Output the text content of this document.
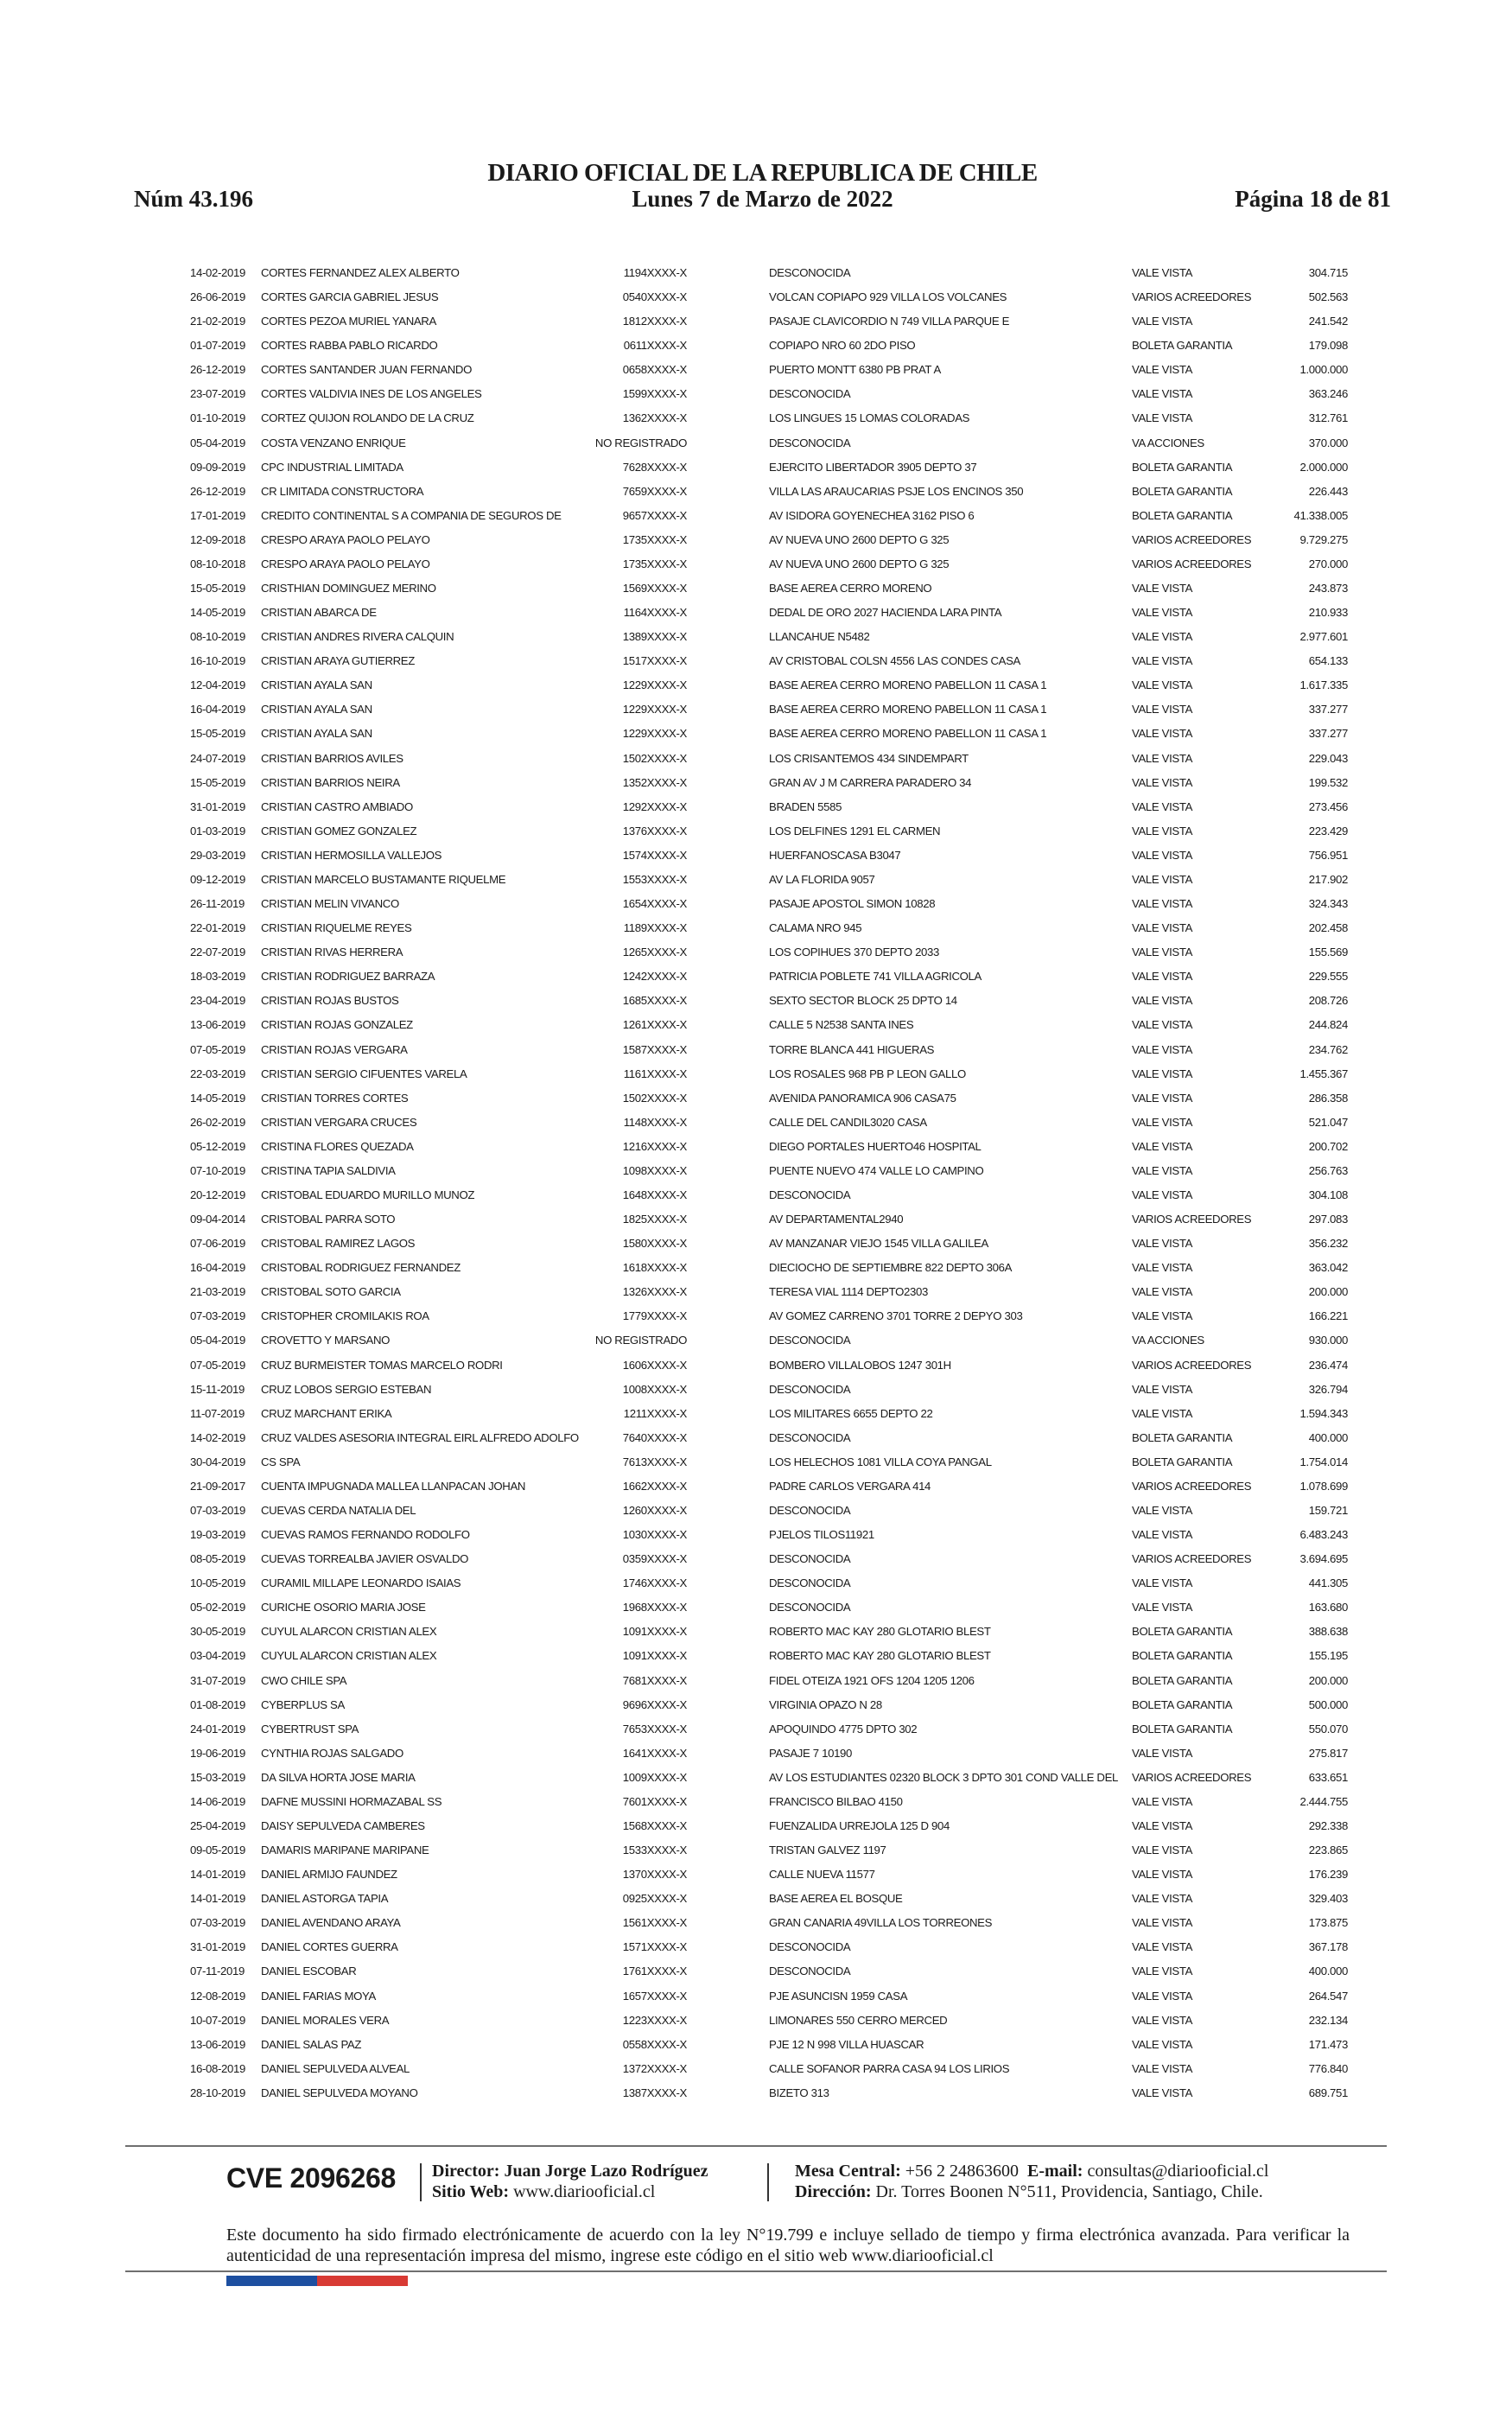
DIARIO OFICIAL DE LA REPUBLICA DE CHILE
Lunes 7 de Marzo de 2022
Núm 43.196	Página 18 de 81
14-02-2019 CORTES FERNANDEZ ALEX ALBERTO	1194XXXX-X	DESCONOCIDA	VALE VISTA	304.715
26-06-2019 CORTES GARCIA GABRIEL JESUS	0540XXXX-X	VOLCAN COPIAPO 929 VILLA LOS VOLCANES	VARIOS ACREEDORES	502.563
21-02-2019 CORTES PEZOA MURIEL YANARA	1812XXXX-X	PASAJE CLAVICORDIO N 749 VILLA PARQUE E	VALE VISTA	241.542
01-07-2019 CORTES RABBA PABLO RICARDO	0611XXXX-X	COPIAPO NRO 60 2DO PISO	BOLETA GARANTIA	179.098
26-12-2019 CORTES SANTANDER JUAN FERNANDO	0658XXXX-X	PUERTO MONTT 6380 PB PRAT A	VALE VISTA	1.000.000
23-07-2019 CORTES VALDIVIA INES DE LOS ANGELES	1599XXXX-X	DESCONOCIDA	VALE VISTA	363.246
01-10-2019 CORTEZ QUIJON ROLANDO DE LA CRUZ	1362XXXX-X	LOS LINGUES 15 LOMAS COLORADAS	VALE VISTA	312.761
05-04-2019 COSTA VENZANO ENRIQUE	NO REGISTRADO	DESCONOCIDA	VA ACCIONES	370.000
09-09-2019 CPC INDUSTRIAL LIMITADA	7628XXXX-X	EJERCITO LIBERTADOR 3905 DEPTO 37	BOLETA GARANTIA	2.000.000
26-12-2019 CR LIMITADA CONSTRUCTORA	7659XXXX-X	VILLA LAS ARAUCARIAS PSJE LOS ENCINOS 350	BOLETA GARANTIA	226.443
17-01-2019 CREDITO CONTINENTAL S A COMPANIA DE SEGUROS DE	9657XXXX-X	AV ISIDORA GOYENECHEA 3162 PISO 6	BOLETA GARANTIA	41.338.005
12-09-2018 CRESPO ARAYA PAOLO PELAYO	1735XXXX-X	AV NUEVA UNO 2600 DEPTO G 325	VARIOS ACREEDORES	9.729.275
08-10-2018 CRESPO ARAYA PAOLO PELAYO	1735XXXX-X	AV NUEVA UNO 2600 DEPTO G 325	VARIOS ACREEDORES	270.000
15-05-2019 CRISTHIAN DOMINGUEZ MERINO	1569XXXX-X	BASE AEREA CERRO MORENO	VALE VISTA	243.873
14-05-2019 CRISTIAN ABARCA DE	1164XXXX-X	DEDAL DE ORO 2027 HACIENDA LARA PINTA	VALE VISTA	210.933
08-10-2019 CRISTIAN ANDRES RIVERA CALQUIN	1389XXXX-X	LLANCAHUE N5482	VALE VISTA	2.977.601
16-10-2019 CRISTIAN ARAYA GUTIERREZ	1517XXXX-X	AV CRISTOBAL COLSN 4556 LAS CONDES CASA	VALE VISTA	654.133
12-04-2019 CRISTIAN AYALA SAN	1229XXXX-X	BASE AEREA CERRO MORENO PABELLON 11 CASA 1	VALE VISTA	1.617.335
16-04-2019 CRISTIAN AYALA SAN	1229XXXX-X	BASE AEREA CERRO MORENO PABELLON 11 CASA 1	VALE VISTA	337.277
15-05-2019 CRISTIAN AYALA SAN	1229XXXX-X	BASE AEREA CERRO MORENO PABELLON 11 CASA 1	VALE VISTA	337.277
24-07-2019 CRISTIAN BARRIOS AVILES	1502XXXX-X	LOS CRISANTEMOS 434 SINDEMPART	VALE VISTA	229.043
15-05-2019 CRISTIAN BARRIOS NEIRA	1352XXXX-X	GRAN AV J M CARRERA PARADERO 34	VALE VISTA	199.532
31-01-2019 CRISTIAN CASTRO AMBIADO	1292XXXX-X	BRADEN 5585	VALE VISTA	273.456
01-03-2019 CRISTIAN GOMEZ GONZALEZ	1376XXXX-X	LOS DELFINES 1291 EL CARMEN	VALE VISTA	223.429
29-03-2019 CRISTIAN HERMOSILLA VALLEJOS	1574XXXX-X	HUERFANOSCASA B3047	VALE VISTA	756.951
09-12-2019 CRISTIAN MARCELO BUSTAMANTE RIQUELME	1553XXXX-X	AV LA FLORIDA 9057	VALE VISTA	217.902
26-11-2019 CRISTIAN MELIN VIVANCO	1654XXXX-X	PASAJE APOSTOL SIMON 10828	VALE VISTA	324.343
22-01-2019 CRISTIAN RIQUELME REYES	1189XXXX-X	CALAMA NRO 945	VALE VISTA	202.458
22-07-2019 CRISTIAN RIVAS HERRERA	1265XXXX-X	LOS COPIHUES 370 DEPTO 2033	VALE VISTA	155.569
18-03-2019 CRISTIAN RODRIGUEZ BARRAZA	1242XXXX-X	PATRICIA POBLETE 741 VILLA AGRICOLA	VALE VISTA	229.555
23-04-2019 CRISTIAN ROJAS BUSTOS	1685XXXX-X	SEXTO SECTOR BLOCK 25 DPTO 14	VALE VISTA	208.726
13-06-2019 CRISTIAN ROJAS GONZALEZ	1261XXXX-X	CALLE 5 N2538 SANTA INES	VALE VISTA	244.824
07-05-2019 CRISTIAN ROJAS VERGARA	1587XXXX-X	TORRE BLANCA 441 HIGUERAS	VALE VISTA	234.762
22-03-2019 CRISTIAN SERGIO CIFUENTES VARELA	1161XXXX-X	LOS ROSALES 968 PB P LEON GALLO	VALE VISTA	1.455.367
14-05-2019 CRISTIAN TORRES CORTES	1502XXXX-X	AVENIDA PANORAMICA 906 CASA75	VALE VISTA	286.358
26-02-2019 CRISTIAN VERGARA CRUCES	1148XXXX-X	CALLE DEL CANDIL3020 CASA	VALE VISTA	521.047
05-12-2019 CRISTINA FLORES QUEZADA	1216XXXX-X	DIEGO PORTALES HUERTO46 HOSPITAL	VALE VISTA	200.702
07-10-2019 CRISTINA TAPIA SALDIVIA	1098XXXX-X	PUENTE NUEVO 474 VALLE LO CAMPINO	VALE VISTA	256.763
20-12-2019 CRISTOBAL EDUARDO MURILLO MUNOZ	1648XXXX-X	DESCONOCIDA	VALE VISTA	304.108
09-04-2014 CRISTOBAL PARRA SOTO	1825XXXX-X	AV DEPARTAMENTAL2940	VARIOS ACREEDORES	297.083
07-06-2019 CRISTOBAL RAMIREZ LAGOS	1580XXXX-X	AV MANZANAR VIEJO 1545 VILLA GALILEA	VALE VISTA	356.232
16-04-2019 CRISTOBAL RODRIGUEZ FERNANDEZ	1618XXXX-X	DIECIOCHO DE SEPTIEMBRE 822 DEPTO 306A	VALE VISTA	363.042
21-03-2019 CRISTOBAL SOTO GARCIA	1326XXXX-X	TERESA VIAL 1114 DEPTO2303	VALE VISTA	200.000
07-03-2019 CRISTOPHER CROMILAKIS ROA	1779XXXX-X	AV GOMEZ CARRENO 3701 TORRE 2 DEPYO 303	VALE VISTA	166.221
05-04-2019 CROVETTO Y MARSANO	NO REGISTRADO	DESCONOCIDA	VA ACCIONES	930.000
07-05-2019 CRUZ BURMEISTER TOMAS MARCELO RODRI	1606XXXX-X	BOMBERO VILLALOBOS 1247 301H	VARIOS ACREEDORES	236.474
15-11-2019 CRUZ LOBOS SERGIO ESTEBAN	1008XXXX-X	DESCONOCIDA	VALE VISTA	326.794
11-07-2019 CRUZ MARCHANT ERIKA	1211XXXX-X	LOS MILITARES 6655 DEPTO 22	VALE VISTA	1.594.343
14-02-2019 CRUZ VALDES ASESORIA INTEGRAL EIRL ALFREDO ADOLFO	7640XXXX-X	DESCONOCIDA	BOLETA GARANTIA	400.000
30-04-2019 CS SPA	7613XXXX-X	LOS HELECHOS 1081 VILLA COYA PANGAL	BOLETA GARANTIA	1.754.014
21-09-2017 CUENTA IMPUGNADA MALLEA LLANPACAN JOHAN	1662XXXX-X	PADRE CARLOS VERGARA 414	VARIOS ACREEDORES	1.078.699
07-03-2019 CUEVAS CERDA NATALIA DEL	1260XXXX-X	DESCONOCIDA	VALE VISTA	159.721
19-03-2019 CUEVAS RAMOS FERNANDO RODOLFO	1030XXXX-X	PJELOS TILOS11921	VALE VISTA	6.483.243
08-05-2019 CUEVAS TORREALBA JAVIER OSVALDO	0359XXXX-X	DESCONOCIDA	VARIOS ACREEDORES	3.694.695
10-05-2019 CURAMIL MILLAPE LEONARDO ISAIAS	1746XXXX-X	DESCONOCIDA	VALE VISTA	441.305
05-02-2019 CURICHE OSORIO MARIA JOSE	1968XXXX-X	DESCONOCIDA	VALE VISTA	163.680
30-05-2019 CUYUL ALARCON CRISTIAN ALEX	1091XXXX-X	ROBERTO MAC KAY 280 GLOTARIO BLEST	BOLETA GARANTIA	388.638
03-04-2019 CUYUL ALARCON CRISTIAN ALEX	1091XXXX-X	ROBERTO MAC KAY 280 GLOTARIO BLEST	BOLETA GARANTIA	155.195
31-07-2019 CWO CHILE SPA	7681XXXX-X	FIDEL OTEIZA 1921 OFS 1204 1205 1206	BOLETA GARANTIA	200.000
01-08-2019 CYBERPLUS SA	9696XXXX-X	VIRGINIA OPAZO N 28	BOLETA GARANTIA	500.000
24-01-2019 CYBERTRUST SPA	7653XXXX-X	APOQUINDO 4775 DPTO 302	BOLETA GARANTIA	550.070
19-06-2019 CYNTHIA ROJAS SALGADO	1641XXXX-X	PASAJE 7 10190	VALE VISTA	275.817
15-03-2019 DA SILVA HORTA JOSE MARIA	1009XXXX-X	AV LOS ESTUDIANTES 02320 BLOCK 3 DPTO 301 COND VALLE DEL	VARIOS ACREEDORES	633.651
14-06-2019 DAFNE MUSSINI HORMAZABAL SS	7601XXXX-X	FRANCISCO BILBAO 4150	VALE VISTA	2.444.755
25-04-2019 DAISY SEPULVEDA CAMBERES	1568XXXX-X	FUENZALIDA URREJOLA 125 D 904	VALE VISTA	292.338
09-05-2019 DAMARIS MARIPANE MARIPANE	1533XXXX-X	TRISTAN GALVEZ 1197	VALE VISTA	223.865
14-01-2019 DANIEL ARMIJO FAUNDEZ	1370XXXX-X	CALLE NUEVA 11577	VALE VISTA	176.239
14-01-2019 DANIEL ASTORGA TAPIA	0925XXXX-X	BASE AEREA EL BOSQUE	VALE VISTA	329.403
07-03-2019 DANIEL AVENDANO ARAYA	1561XXXX-X	GRAN CANARIA 49VILLA LOS TORREONES	VALE VISTA	173.875
31-01-2019 DANIEL CORTES GUERRA	1571XXXX-X	DESCONOCIDA	VALE VISTA	367.178
07-11-2019 DANIEL ESCOBAR	1761XXXX-X	DESCONOCIDA	VALE VISTA	400.000
12-08-2019 DANIEL FARIAS MOYA	1657XXXX-X	PJE ASUNCISN 1959 CASA	VALE VISTA	264.547
10-07-2019 DANIEL MORALES VERA	1223XXXX-X	LIMONARES 550 CERRO MERCED	VALE VISTA	232.134
13-06-2019 DANIEL SALAS PAZ	0558XXXX-X	PJE 12 N 998 VILLA HUASCAR	VALE VISTA	171.473
16-08-2019 DANIEL SEPULVEDA ALVEAL	1372XXXX-X	CALLE SOFANOR PARRA CASA 94 LOS LIRIOS	VALE VISTA	776.840
28-10-2019 DANIEL SEPULVEDA MOYANO	1387XXXX-X	BIZETO 313	VALE VISTA	689.751
CVE 2096268 Director: Juan Jorge Lazo Rodríguez
Sitio Web: www.diariooficial.cl
Mesa Central: +56 2 24863600 E-mail: consultas@diariooficial.cl
Dirección: Dr. Torres Boonen N°511, Providencia, Santiago, Chile.
Este documento ha sido firmado electrónicamente de acuerdo con la ley N°19.799 e incluye sellado de tiempo y firma electrónica avanzada. Para verificar la autenticidad de una representación impresa del mismo, ingrese este código en el sitio web www.diariooficial.cl
